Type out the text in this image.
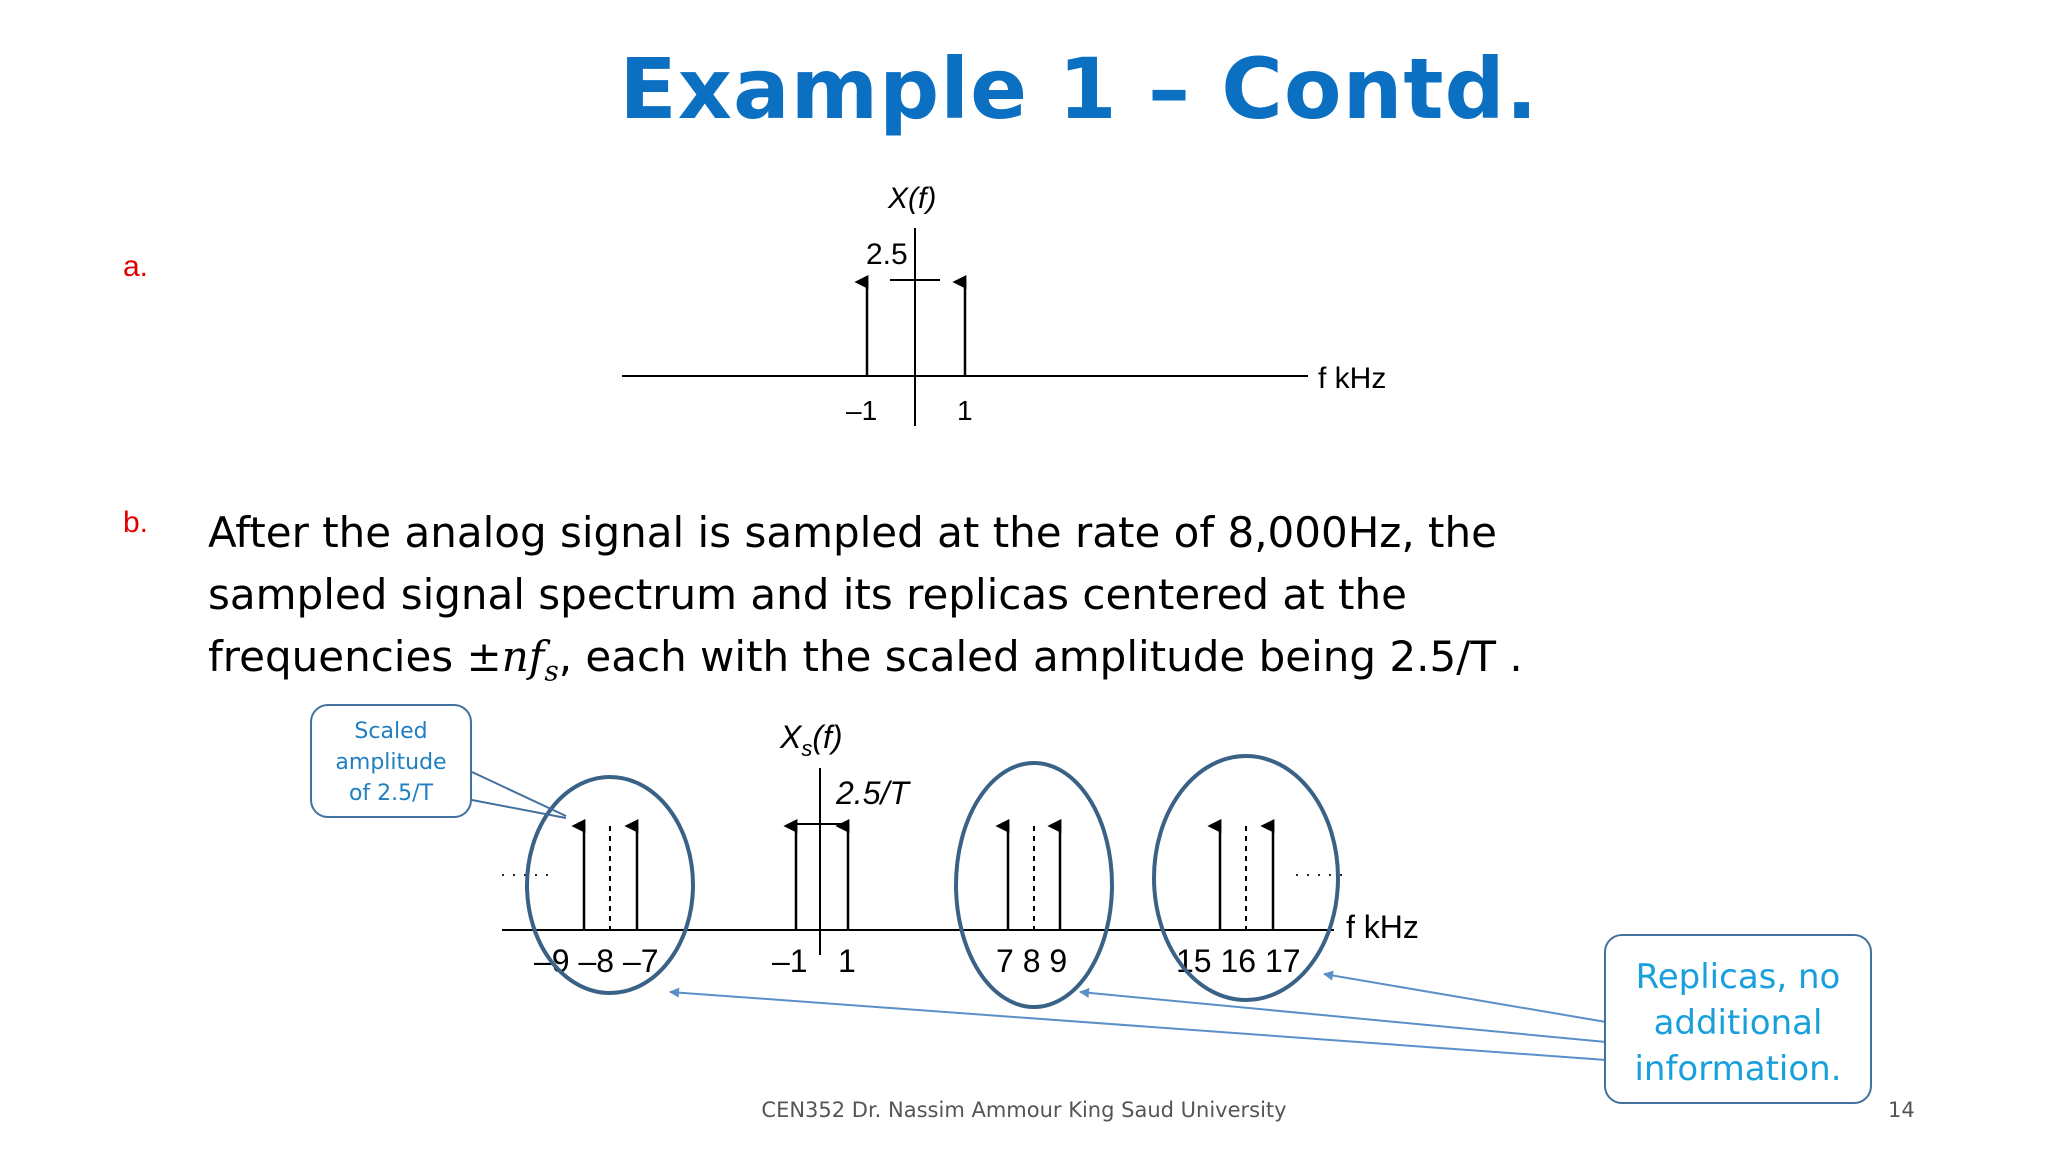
Example 1 – Contd.
a.
b. After the analog signal is sampled at the rate of 8,000Hz, the
sampled signal spectrum and its replicas centered at the
frequencies $\pm nf_s$, each with the scaled amplitude being 2.5/T .
X(f)
2.5
f kHz
–1	1
$X_s(f)$
2.5/T
f kHz
–9 –8 –7	–1 1	7 8 9	15 16 17
· · · · ·	· · · · ·
Scaled
amplitude
of 2.5/T
Replicas, no
additional
information.
CEN352 Dr. Nassim Ammour King Saud University	14
